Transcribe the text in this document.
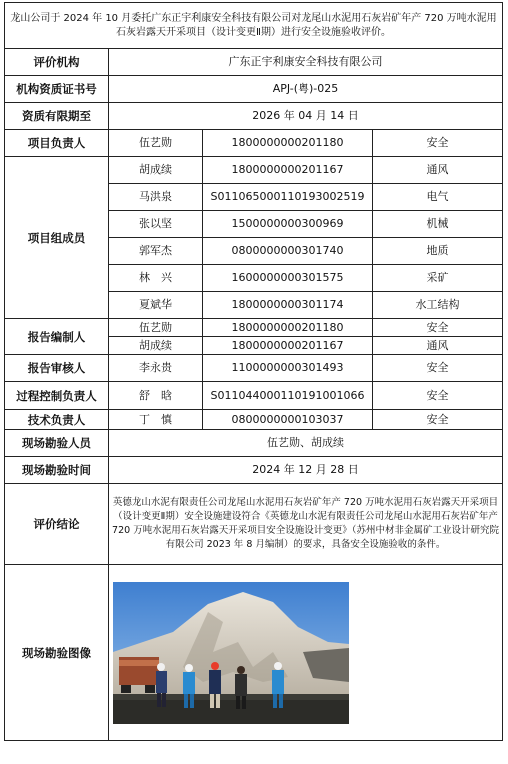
龙山公司于 2024 年 10 月委托广东正宇利康安全科技有限公司对龙尾山水泥用石灰岩矿年产 720 万吨水泥用石灰岩露天开采项目（设计变更Ⅱ期）进行安全设施验收评价。			
评价机构	广东正宇利康安全科技有限公司		
机构资质证书号	APJ-(粤)-025		
资质有限期至	2026 年 04 月 14 日		
项目负责人	伍艺勋	1800000000201180	安全
项目组成员	胡成续	1800000000201167	通风
	马洪泉	S011065000110193002519	电气
	张以坚	1500000000300969	机械
	郭军杰	0800000000301740	地质
	林　兴	1600000000301575	采矿
	夏斌华	1800000000301174	水工结构
报告编制人	伍艺勋	1800000000201180	安全
	胡成续	1800000000201167	通风
报告审核人	李永贵	1100000000301493	安全
过程控制负责人	舒　晗	S011044000110191001066	安全
技术负责人	丁　慎	0800000000103037	安全
现场勘验人员	伍艺勋、胡成续		
现场勘验时间	2024 年 12 月 28 日		
评价结论	英德龙山水泥有限责任公司龙尾山水泥用石灰岩矿年产 720 万吨水泥用石灰岩露天开采项目（设计变更Ⅱ期）安全设施建设符合《英德龙山水泥有限责任公司龙尾山水泥用石灰岩矿年产 720 万吨水泥用石灰岩露天开采项目安全设施设计变更》（苏州中材非金属矿工业设计研究院有限公司 2023 年 8 月编制）的要求，具备安全设施验收的条件。		
现场勘验图像	
